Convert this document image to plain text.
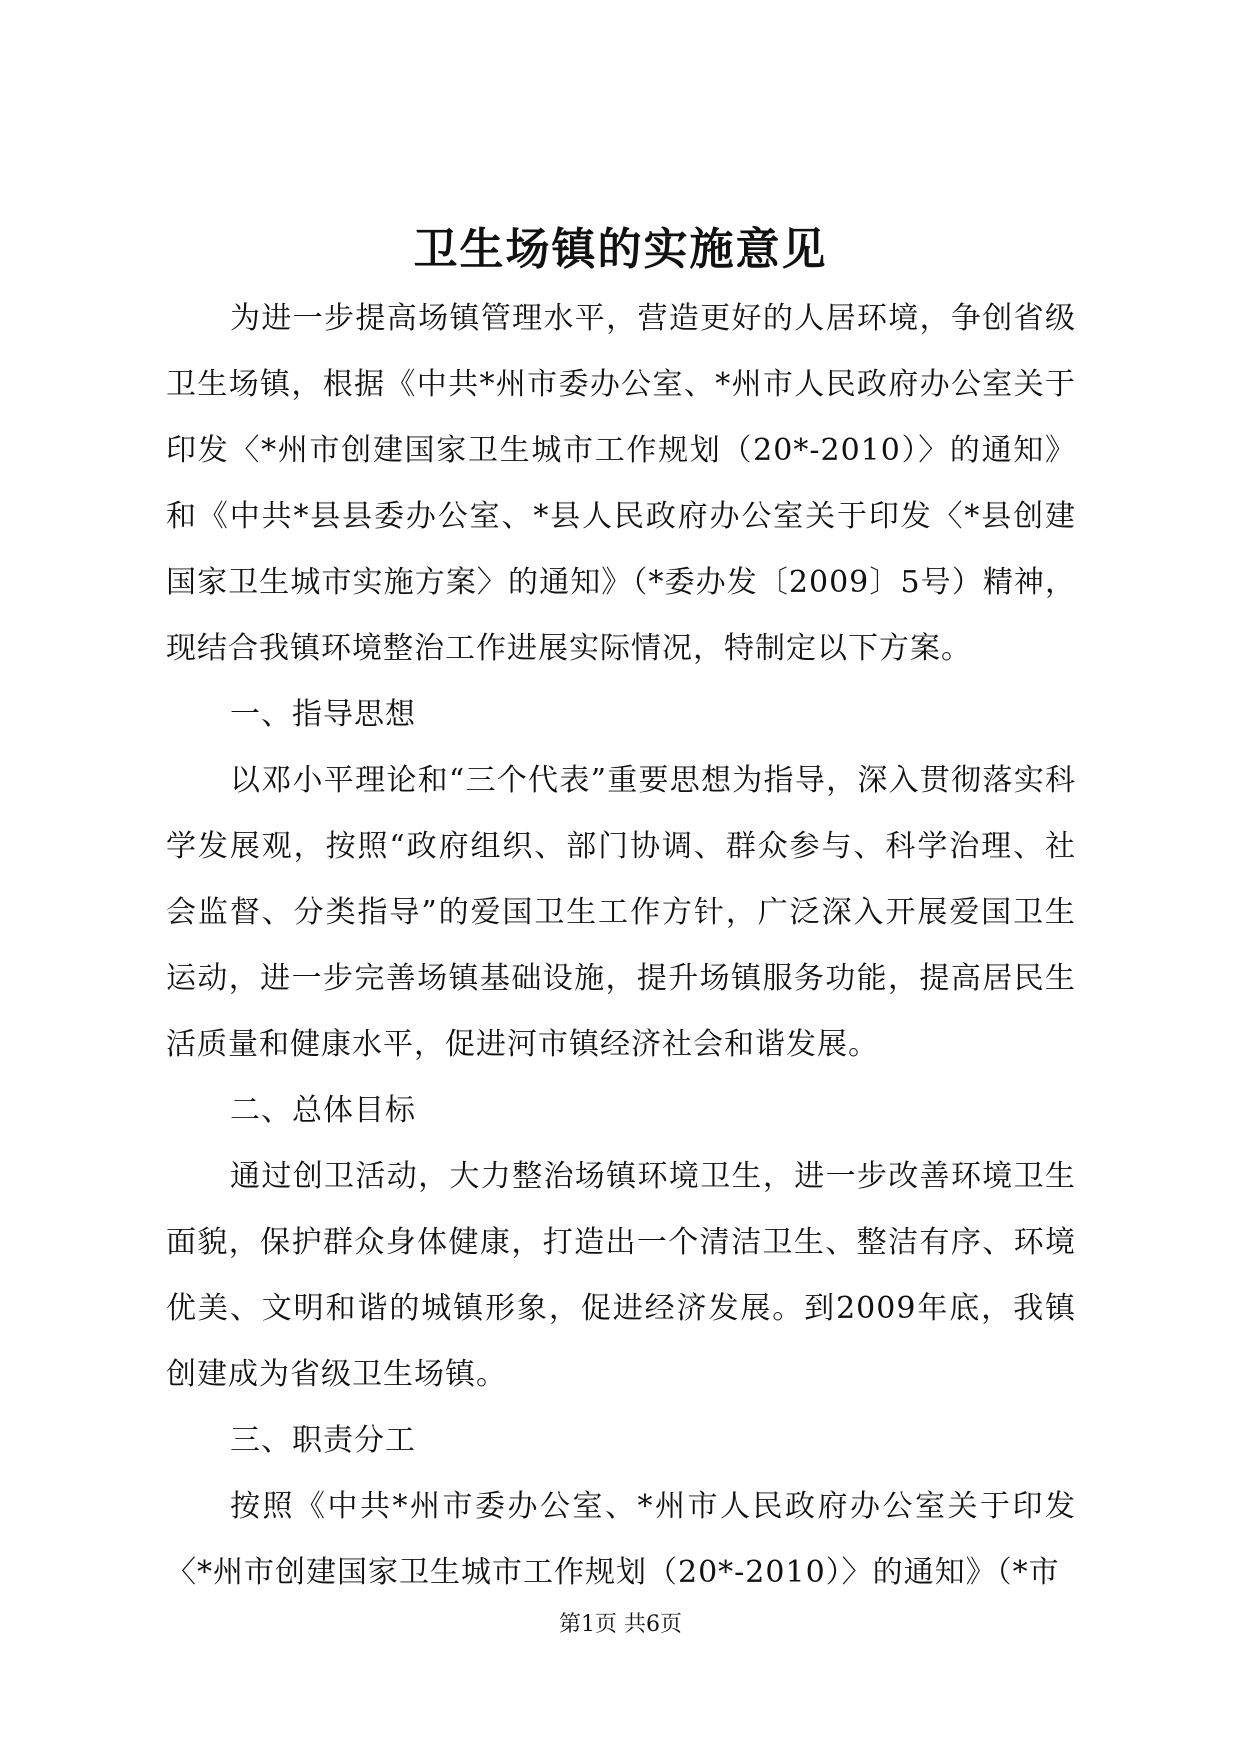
卫生场镇的实施意见

为进一步提高场镇管理水平，营造更好的人居环境，争创省级卫生场镇，根据《中共*州市委办公室、*州市人民政府办公室关于印发〈*州市创建国家卫生城市工作规划（20*-2010）〉的通知》和《中共*县县委办公室、*县人民政府办公室关于印发〈*县创建国家卫生城市实施方案〉的通知》（*委办发〔2009〕5号）精神，现结合我镇环境整治工作进展实际情况，特制定以下方案。

一、指导思想

以邓小平理论和“三个代表”重要思想为指导，深入贯彻落实科学发展观，按照“政府组织、部门协调、群众参与、科学治理、社会监督、分类指导”的爱国卫生工作方针，广泛深入开展爱国卫生运动，进一步完善场镇基础设施，提升场镇服务功能，提高居民生活质量和健康水平，促进河市镇经济社会和谐发展。

二、总体目标

通过创卫活动，大力整治场镇环境卫生，进一步改善环境卫生面貌，保护群众身体健康，打造出一个清洁卫生、整洁有序、环境优美、文明和谐的城镇形象，促进经济发展。到2009年底，我镇创建成为省级卫生场镇。

三、职责分工

按照《中共*州市委办公室、*州市人民政府办公室关于印发〈*州市创建国家卫生城市工作规划（20*-2010）〉的通知》（*市

第1页 共6页
